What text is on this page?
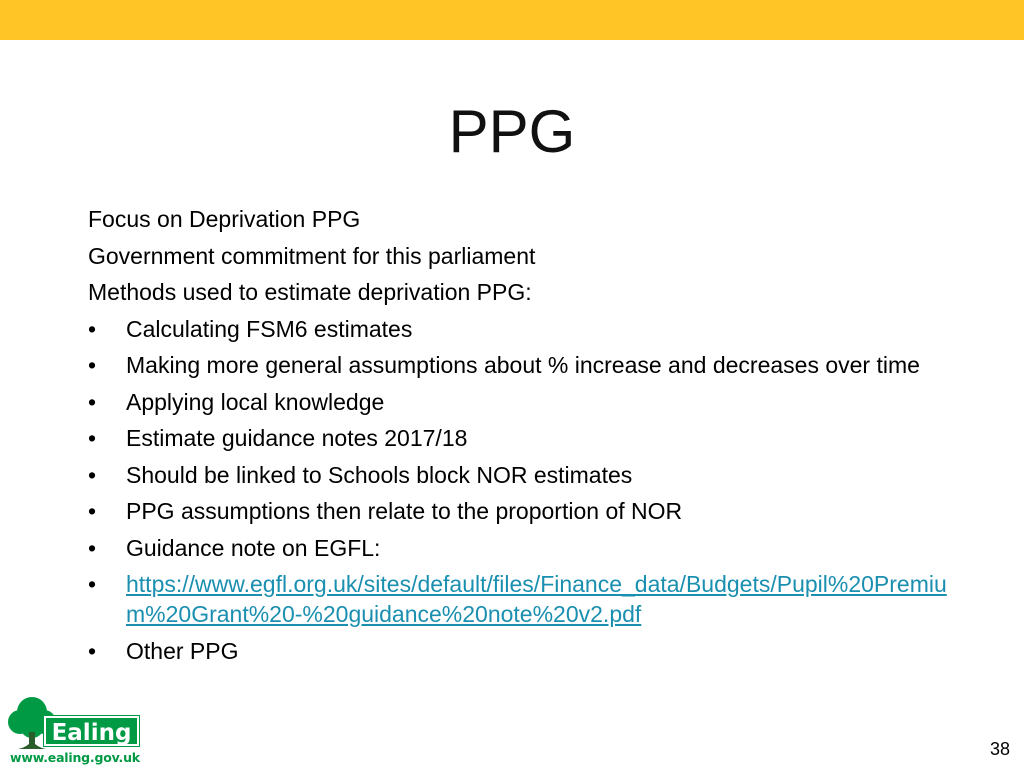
PPG

Focus on Deprivation PPG

Government commitment for this parliament

Methods used to estimate deprivation PPG:

• Calculating FSM6 estimates
• Making more general assumptions about % increase and decreases over time
• Applying local knowledge
• Estimate guidance notes 2017/18
• Should be linked to Schools block NOR estimates
• PPG assumptions then relate to the proportion of NOR
• Guidance note on EGFL:
• https://www.egfl.org.uk/sites/default/files/Finance_data/Budgets/Pupil%20Premium%20Grant%20-%20guidance%20note%20v2.pdf
• Other PPG
Ealing
www.ealing.gov.uk	38
